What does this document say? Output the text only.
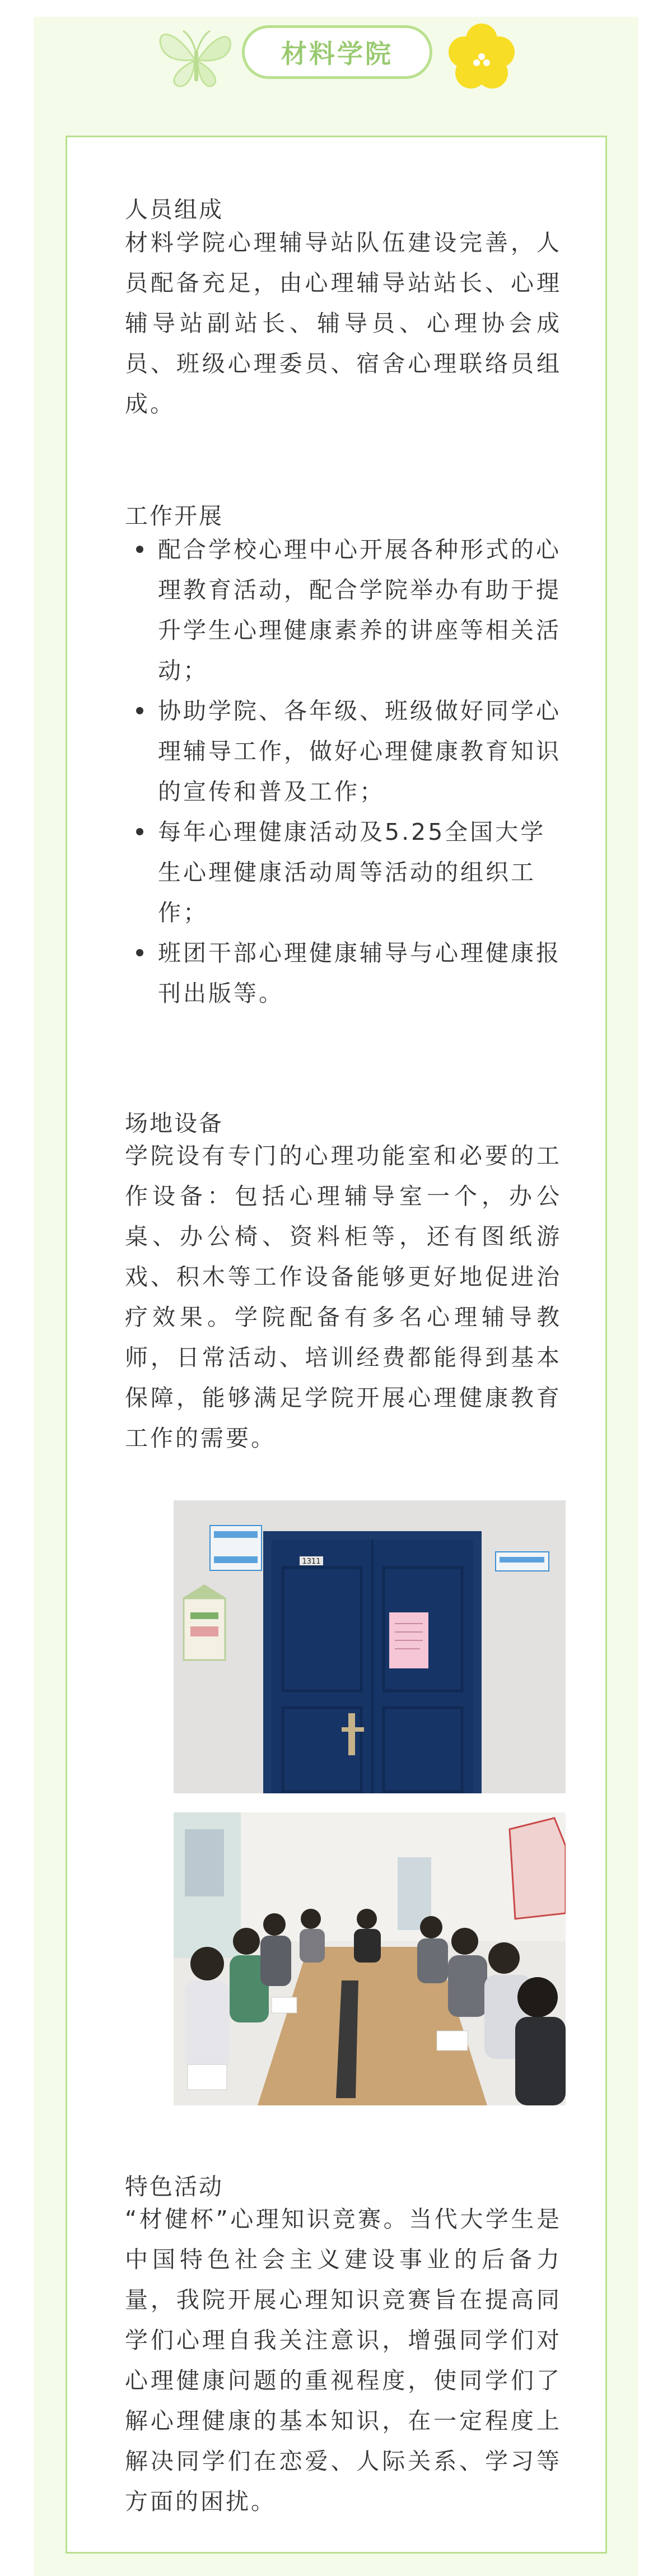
材料学院
人员组成
材料学院心理辅导站队伍建设完善，人员配备充足，由心理辅导站站长、心理辅导站副站长、辅导员、心理协会成员、班级心理委员、宿舍心理联络员组成。
工作开展
配合学校心理中心开展各种形式的心理教育活动，配合学院举办有助于提升学生心理健康素养的讲座等相关活动；
协助学院、各年级、班级做好同学心理辅导工作，做好心理健康教育知识的宣传和普及工作；
每年心理健康活动及5.25全国大学生心理健康活动周等活动的组织工作；
班团干部心理健康辅导与心理健康报刊出版等。
场地设备
学院设有专门的心理功能室和必要的工作设备：包括心理辅导室一个，办公桌、办公椅、资料柜等，还有图纸游戏、积木等工作设备能够更好地促进治疗效果。学院配备有多名心理辅导教师，日常活动、培训经费都能得到基本保障，能够满足学院开展心理健康教育工作的需要。
1311
特色活动
“材健杯”心理知识竞赛。当代大学生是中国特色社会主义建设事业的后备力量，我院开展心理知识竞赛旨在提高同学们心理自我关注意识，增强同学们对心理健康问题的重视程度，使同学们了解心理健康的基本知识，在一定程度上解决同学们在恋爱、人际关系、学习等方面的困扰。
